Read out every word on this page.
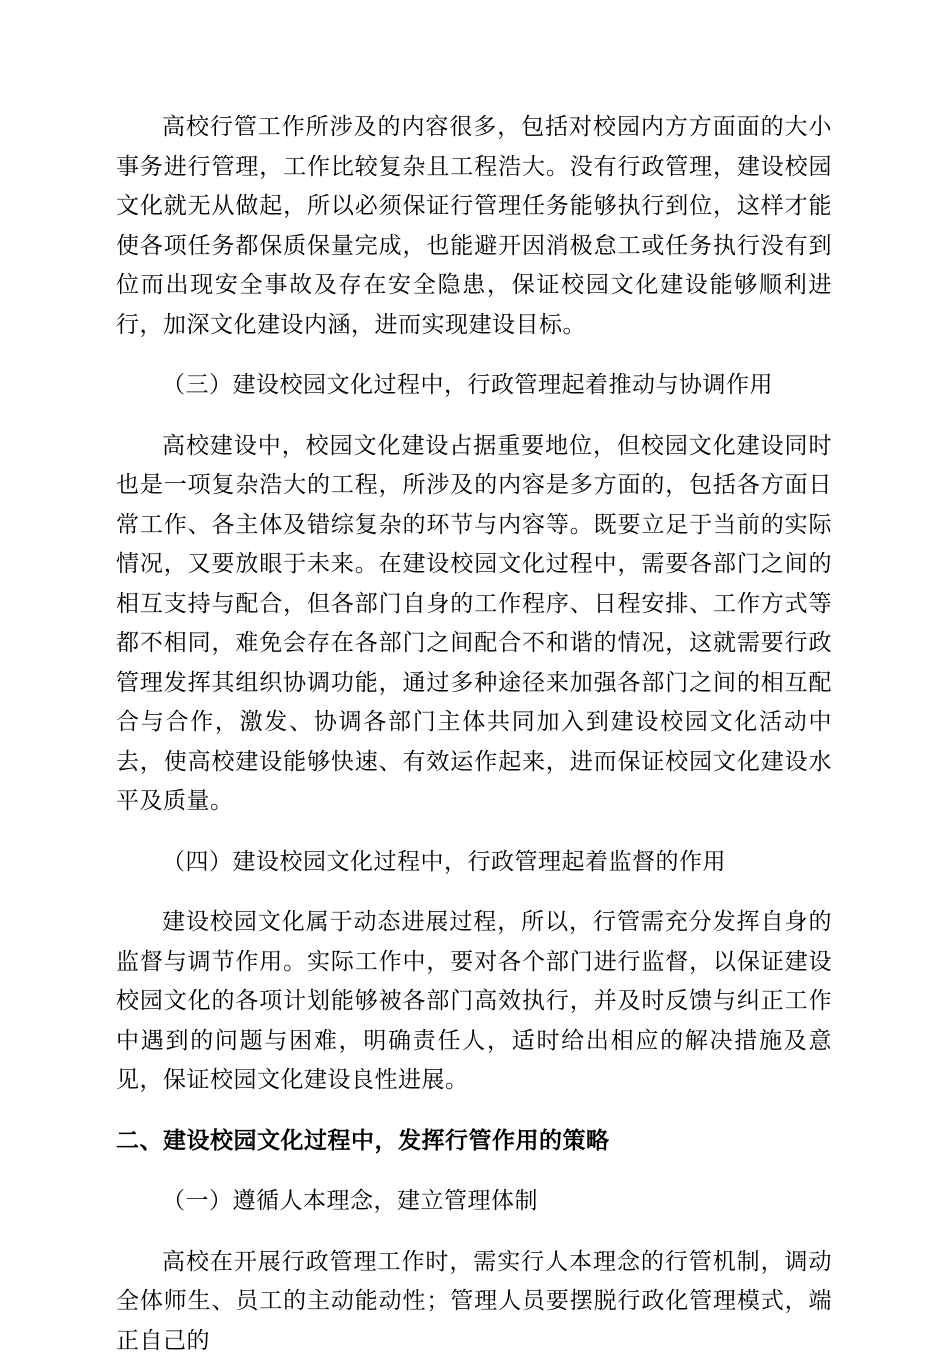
高校行管工作所涉及的内容很多，包括对校园内方方面面的大小事务进行管理，工作比较复杂且工程浩大。没有行政管理，建设校园文化就无从做起，所以必须保证行管理任务能够执行到位，这样才能使各项任务都保质保量完成，也能避开因消极怠工或任务执行没有到位而出现安全事故及存在安全隐患，保证校园文化建设能够顺利进行，加深文化建设内涵，进而实现建设目标。

（三）建设校园文化过程中，行政管理起着推动与协调作用

高校建设中，校园文化建设占据重要地位，但校园文化建设同时也是一项复杂浩大的工程，所涉及的内容是多方面的，包括各方面日常工作、各主体及错综复杂的环节与内容等。既要立足于当前的实际情况，又要放眼于未来。在建设校园文化过程中，需要各部门之间的相互支持与配合，但各部门自身的工作程序、日程安排、工作方式等都不相同，难免会存在各部门之间配合不和谐的情况，这就需要行政管理发挥其组织协调功能，通过多种途径来加强各部门之间的相互配合与合作，激发、协调各部门主体共同加入到建设校园文化活动中去，使高校建设能够快速、有效运作起来，进而保证校园文化建设水平及质量。

（四）建设校园文化过程中，行政管理起着监督的作用

建设校园文化属于动态进展过程，所以，行管需充分发挥自身的监督与调节作用。实际工作中，要对各个部门进行监督，以保证建设校园文化的各项计划能够被各部门高效执行，并及时反馈与纠正工作中遇到的问题与困难，明确责任人，适时给出相应的解决措施及意见，保证校园文化建设良性进展。

二、建设校园文化过程中，发挥行管作用的策略

（一）遵循人本理念，建立管理体制

高校在开展行政管理工作时，需实行人本理念的行管机制，调动全体师生、员工的主动能动性；管理人员要摆脱行政化管理模式，端正自己的
